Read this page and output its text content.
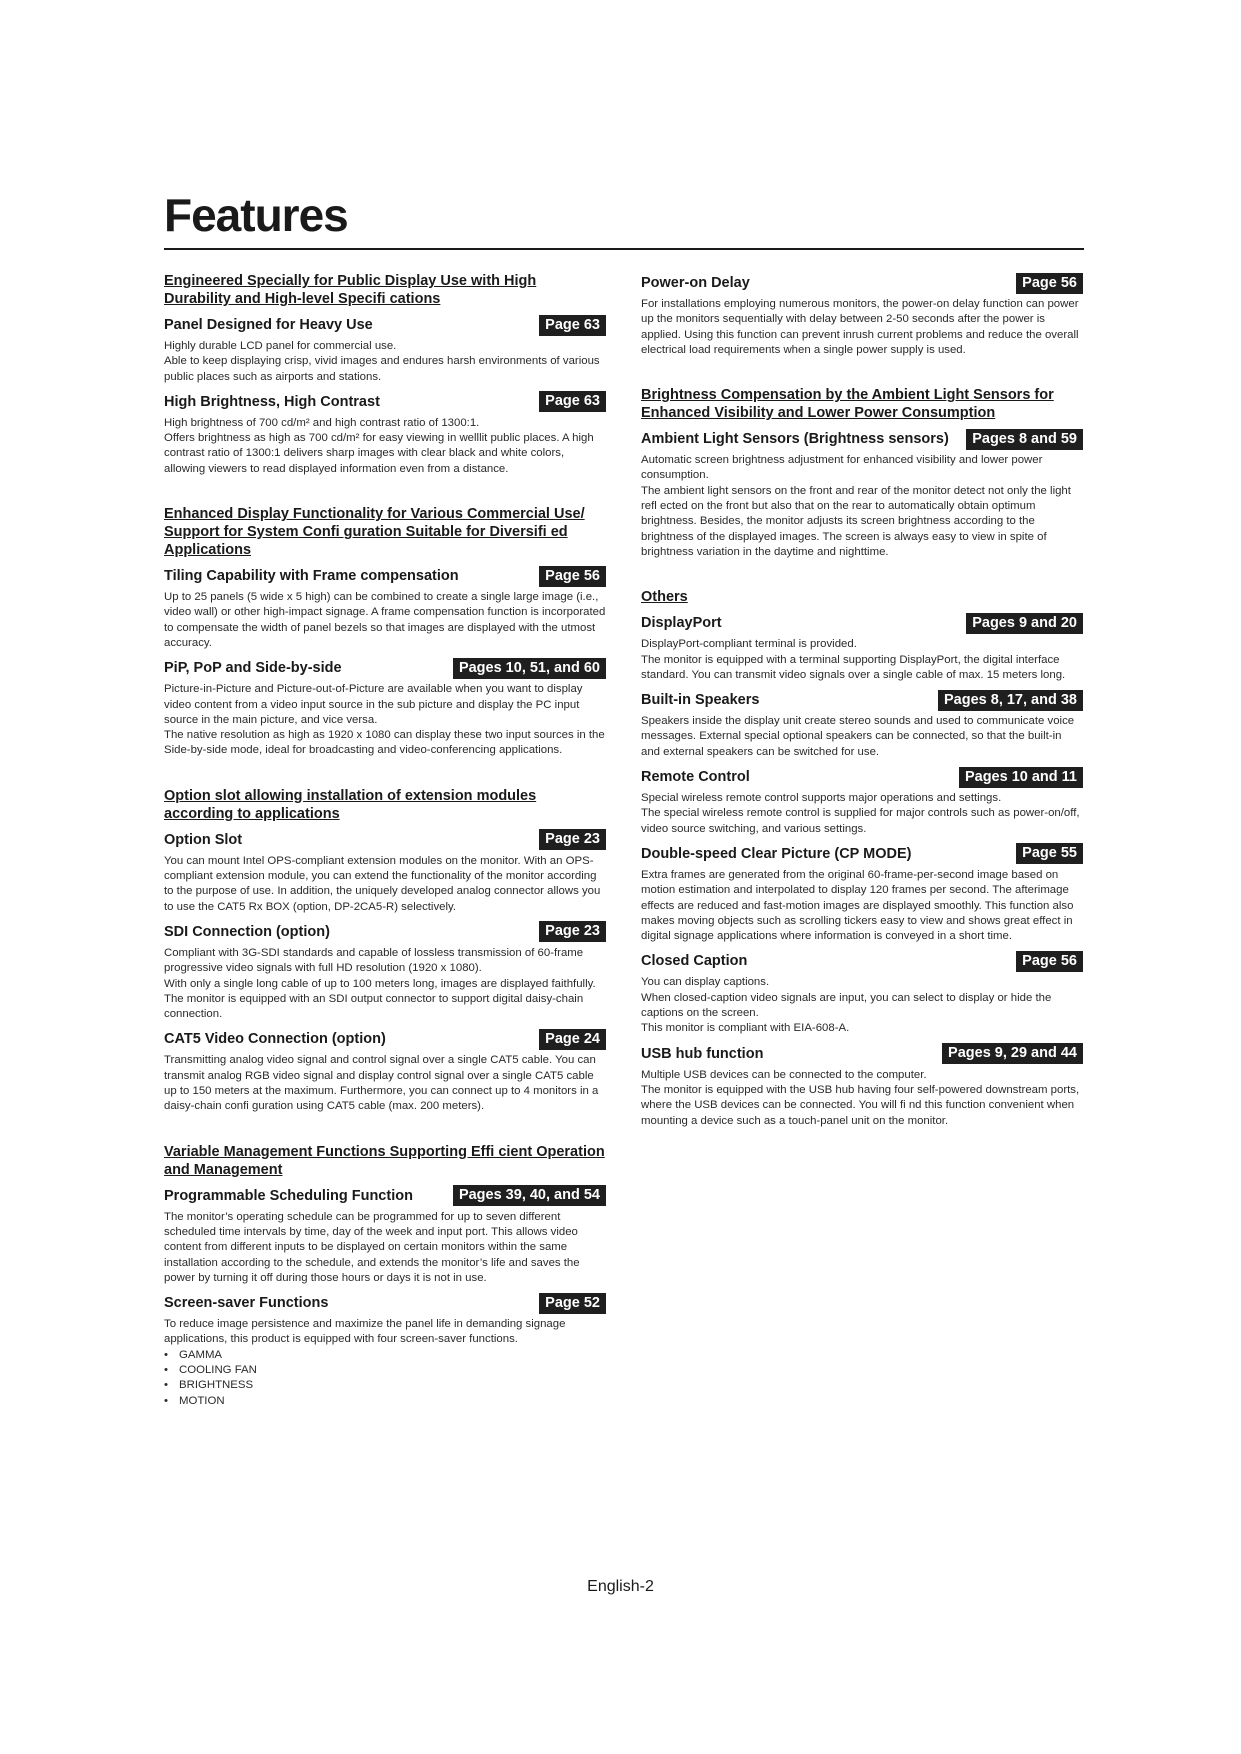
Features
Engineered Specially for Public Display Use with High Durability and High-level Specifi cations
Panel Designed for Heavy Use	Page 63

Highly durable LCD panel for commercial use.

Able to keep displaying crisp, vivid images and endures harsh environments of various public places such as airports and stations.

High Brightness, High Contrast	Page 63

High brightness of 700 cd/m² and high contrast ratio of 1300:1.

Offers brightness as high as 700 cd/m² for easy viewing in welllit public places. A high contrast ratio of 1300:1 delivers sharp images with clear black and white colors, allowing viewers to read displayed information even from a distance.

Enhanced Display Functionality for Various Commercial Use/ Support for System Confi guration Suitable for Diversifi ed Applications
Tiling Capability with Frame compensation	Page 56

Up to 25 panels (5 wide x 5 high) can be combined to create a single large image (i.e., video wall) or other high-impact signage. A frame compensation function is incorporated to compensate the width of panel bezels so that images are displayed with the utmost accuracy.

PiP, PoP and Side-by-side	Pages 10, 51, and 60

Picture-in-Picture and Picture-out-of-Picture are available when you want to display video content from a video input source in the sub picture and display the PC input source in the main picture, and vice versa.

The native resolution as high as 1920 x 1080 can display these two input sources in the Side-by-side mode, ideal for broadcasting and video-conferencing applications.

Option slot allowing installation of extension modules according to applications
Option Slot	Page 23

You can mount Intel OPS-compliant extension modules on the monitor. With an OPS-compliant extension module, you can extend the functionality of the monitor according to the purpose of use. In addition, the uniquely developed analog connector allows you to use the CAT5 Rx BOX (option, DP-2CA5-R) selectively.

SDI Connection (option)	Page 23

Compliant with 3G-SDI standards and capable of lossless transmission of 60-frame progressive video signals with full HD resolution (1920 x 1080).

With only a single long cable of up to 100 meters long, images are displayed faithfully. The monitor is equipped with an SDI output connector to support digital daisy-chain connection.

CAT5 Video Connection (option)	Page 24

Transmitting analog video signal and control signal over a single CAT5 cable. You can transmit analog RGB video signal and display control signal over a single CAT5 cable up to 150 meters at the maximum. Furthermore, you can connect up to 4 monitors in a daisy-chain confi guration using CAT5 cable (max. 200 meters).

Variable Management Functions Supporting Effi cient Operation and Management
Programmable Scheduling Function	Pages 39, 40, and 54

The monitor’s operating schedule can be programmed for up to seven different scheduled time intervals by time, day of the week and input port. This allows video content from different inputs to be displayed on certain monitors within the same installation according to the schedule, and extends the monitor’s life and saves the power by turning it off during those hours or days it is not in use.

Screen-saver Functions	Page 52

To reduce image persistence and maximize the panel life in demanding signage applications, this product is equipped with four screen-saver functions.

• GAMMA
• COOLING FAN
• BRIGHTNESS
• MOTION
Power-on Delay	Page 56

For installations employing numerous monitors, the power-on delay function can power up the monitors sequentially with delay between 2-50 seconds after the power is applied. Using this function can prevent inrush current problems and reduce the overall electrical load requirements when a single power supply is used.

Brightness Compensation by the Ambient Light Sensors for Enhanced Visibility and Lower Power Consumption
Ambient Light Sensors (Brightness sensors)	Pages 8 and 59

Automatic screen brightness adjustment for enhanced visibility and lower power consumption.

The ambient light sensors on the front and rear of the monitor detect not only the light refl ected on the front but also that on the rear to automatically obtain optimum brightness. Besides, the monitor adjusts its screen brightness according to the brightness of the displayed images. The screen is always easy to view in spite of brightness variation in the daytime and nighttime.

Others
DisplayPort	Pages 9 and 20

DisplayPort-compliant terminal is provided.

The monitor is equipped with a terminal supporting DisplayPort, the digital interface standard. You can transmit video signals over a single cable of max. 15 meters long.

Built-in Speakers	Pages 8, 17, and 38

Speakers inside the display unit create stereo sounds and used to communicate voice messages. External special optional speakers can be connected, so that the built-in and external speakers can be switched for use.

Remote Control	Pages 10 and 11

Special wireless remote control supports major operations and settings.

The special wireless remote control is supplied for major controls such as power-on/off, video source switching, and various settings.

Double-speed Clear Picture (CP MODE)	Page 55

Extra frames are generated from the original 60-frame-per-second image based on motion estimation and interpolated to display 120 frames per second. The afterimage effects are reduced and fast-motion images are displayed smoothly. This function also makes moving objects such as scrolling tickers easy to view and shows great effect in digital signage applications where information is conveyed in a short time.

Closed Caption	Page 56

You can display captions.

When closed-caption video signals are input, you can select to display or hide the captions on the screen.

This monitor is compliant with EIA-608-A.

USB hub function	Pages 9, 29 and 44

Multiple USB devices can be connected to the computer.

The monitor is equipped with the USB hub having four self-powered downstream ports, where the USB devices can be connected. You will fi nd this function convenient when mounting a device such as a touch-panel unit on the monitor.

English-2
